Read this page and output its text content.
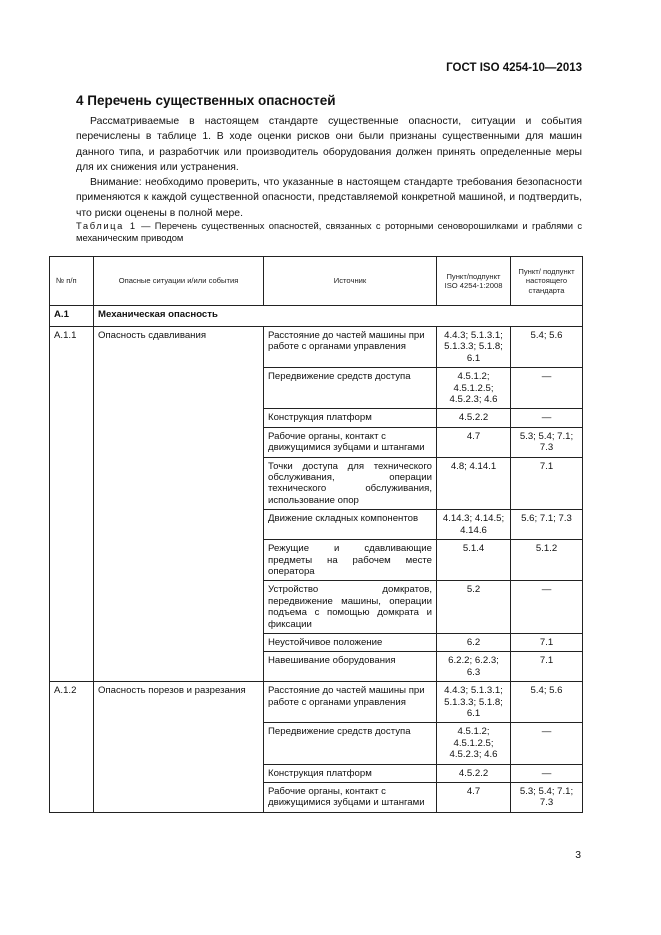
ГОСТ ISO 4254-10—2013
4 Перечень существенных опасностей
Рассматриваемые в настоящем стандарте существенные опасности, ситуации и события перечислены в таблице 1. В ходе оценки рисков они были признаны существенными для машин данного типа, и разработчик или производитель оборудования должен принять определенные меры для их снижения или устранения.
Внимание: необходимо проверить, что указанные в настоящем стандарте требования безопасности применяются к каждой существенной опасности, представляемой конкретной машиной, и подтвердить, что риски оценены в полной мере.
Таблица 1 — Перечень существенных опасностей, связанных с роторными сеноворошилками и граблями с механическим приводом
№ п/п	Опасные ситуации и/или события	Источник	Пункт/подпункт ISO 4254-1:2008	Пункт/ подпункт настоящего стандарта
А.1	Механическая опасность			
А.1.1	Опасность сдавливания	Расстояние до частей машины при работе с органами управления	4.4.3; 5.1.3.1; 5.1.3.3; 5.1.8; 6.1	5.4; 5.6
		Передвижение средств доступа	4.5.1.2; 4.5.1.2.5; 4.5.2.3; 4.6	—
		Конструкция платформ	4.5.2.2	—
		Рабочие органы, контакт с движущимися зубцами и штангами	4.7	5.3; 5.4; 7.1; 7.3
		Точки доступа для технического обслуживания, операции технического обслуживания, использование опор	4.8; 4.14.1	7.1
		Движение складных компонентов	4.14.3; 4.14.5; 4.14.6	5.6; 7.1; 7.3
		Режущие и сдавливающие предметы на рабочем месте оператора	5.1.4	5.1.2
		Устройство домкратов, передвижение машины, операции подъема с помощью домкрата и фиксации	5.2	—
		Неустойчивое положение	6.2	7.1
		Навешивание оборудования	6.2.2; 6.2.3; 6.3	7.1
А.1.2	Опасность порезов и разрезания	Расстояние до частей машины при работе с органами управления	4.4.3; 5.1.3.1; 5.1.3.3; 5.1.8; 6.1	5.4; 5.6
		Передвижение средств доступа	4.5.1.2; 4.5.1.2.5; 4.5.2.3; 4.6	—
		Конструкция платформ	4.5.2.2	—
		Рабочие органы, контакт с движущимися зубцами и штангами	4.7	5.3; 5.4; 7.1; 7.3
3
